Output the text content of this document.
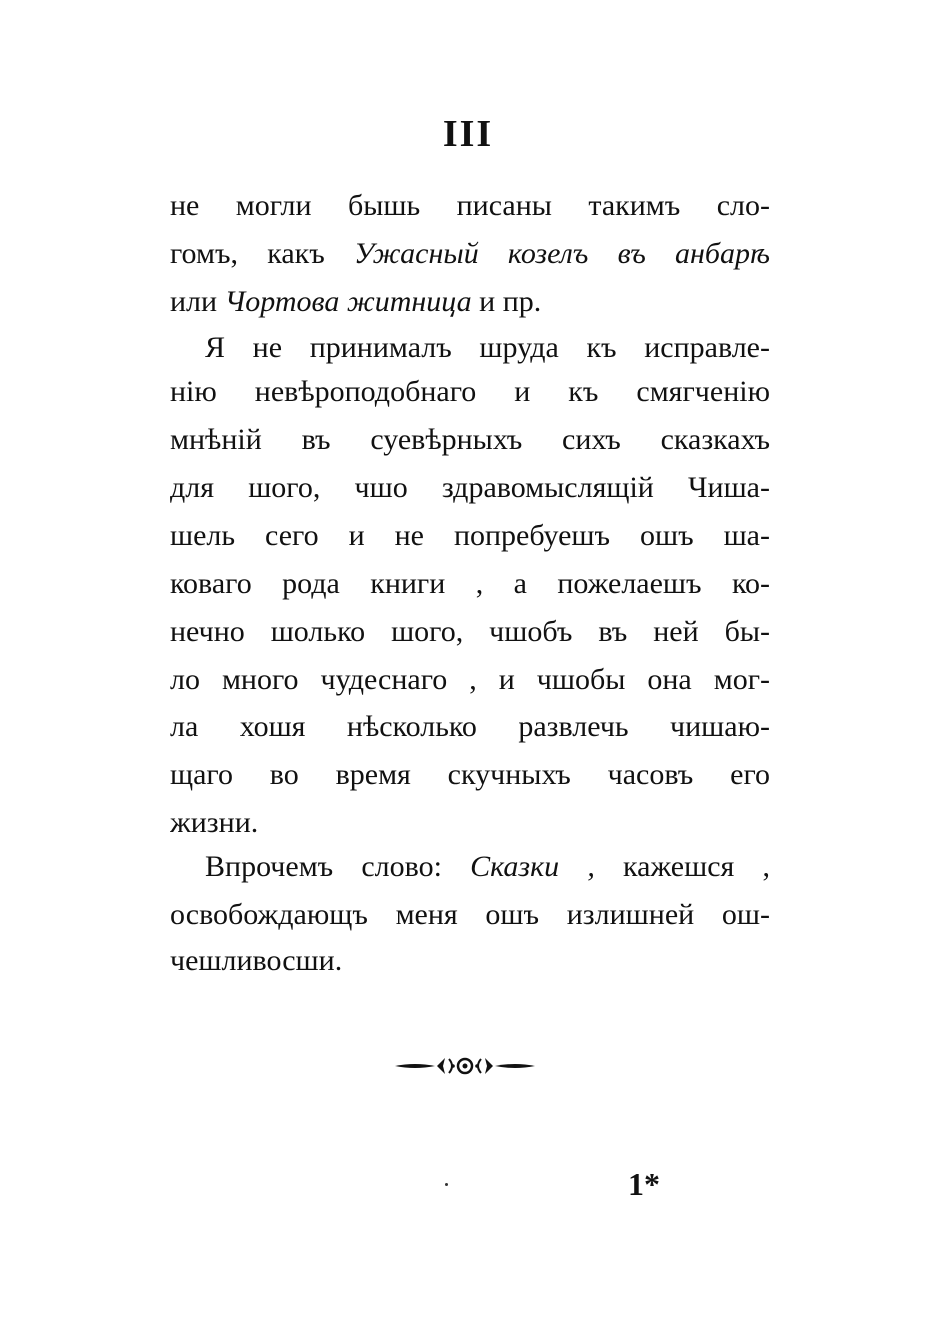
III
не могли бышь писаны такимъ сло-
гомъ, какъ Ужасный козелъ въ анбарѣ
или Чортова житница и пр.
Я не принималъ шруда къ исправле-
нію невѣроподобнаго и къ смягченію
мнѣній въ суевѣрныхъ сихъ сказкахъ
для шого, чшо здравомыслящій Чиша-
шель сего и не попребуешъ ошъ ша-
коваго рода книги , а пожелаешъ ко-
нечно шолько шого, чшобъ въ ней бы-
ло много чудеснаго , и чшобы она мог-
ла хошя нѣсколько развлечь чишаю-
щаго во время скучныхъ часовъ его
жизни.
Впрочемъ слово: Сказки , кажешся ,
освобождающъ меня ошъ излишней ош-
чешливосши.
1*
